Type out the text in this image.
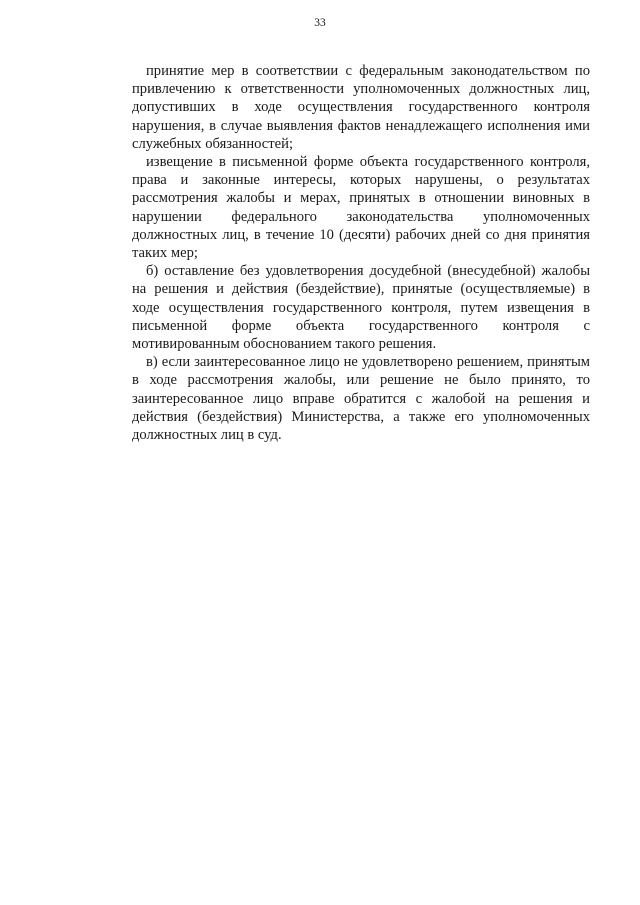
33

принятие мер в соответствии с федеральным законодательством по привлечению к ответственности уполномоченных должностных лиц, допустивших в ходе осуществления государственного контроля нарушения, в случае выявления фактов ненадлежащего исполнения ими служебных обязанностей;

извещение в письменной форме объекта государственного контроля, права и законные интересы, которых нарушены, о результатах рассмотрения жалобы и мерах, принятых в отношении виновных в нарушении федерального законодательства уполномоченных должностных лиц, в течение 10 (десяти) рабочих дней со дня принятия таких мер;

б) оставление без удовлетворения досудебной (внесудебной) жалобы на решения и действия (бездействие), принятые (осуществляемые) в ходе осуществления государственного контроля, путем извещения в письменной форме объекта государственного контроля с мотивированным обоснованием такого решения.

в) если заинтересованное лицо не удовлетворено решением, принятым в ходе рассмотрения жалобы, или решение не было принято, то заинтересованное лицо вправе обратится с жалобой на решения и действия (бездействия) Министерства, а также его уполномоченных должностных лиц в суд.
